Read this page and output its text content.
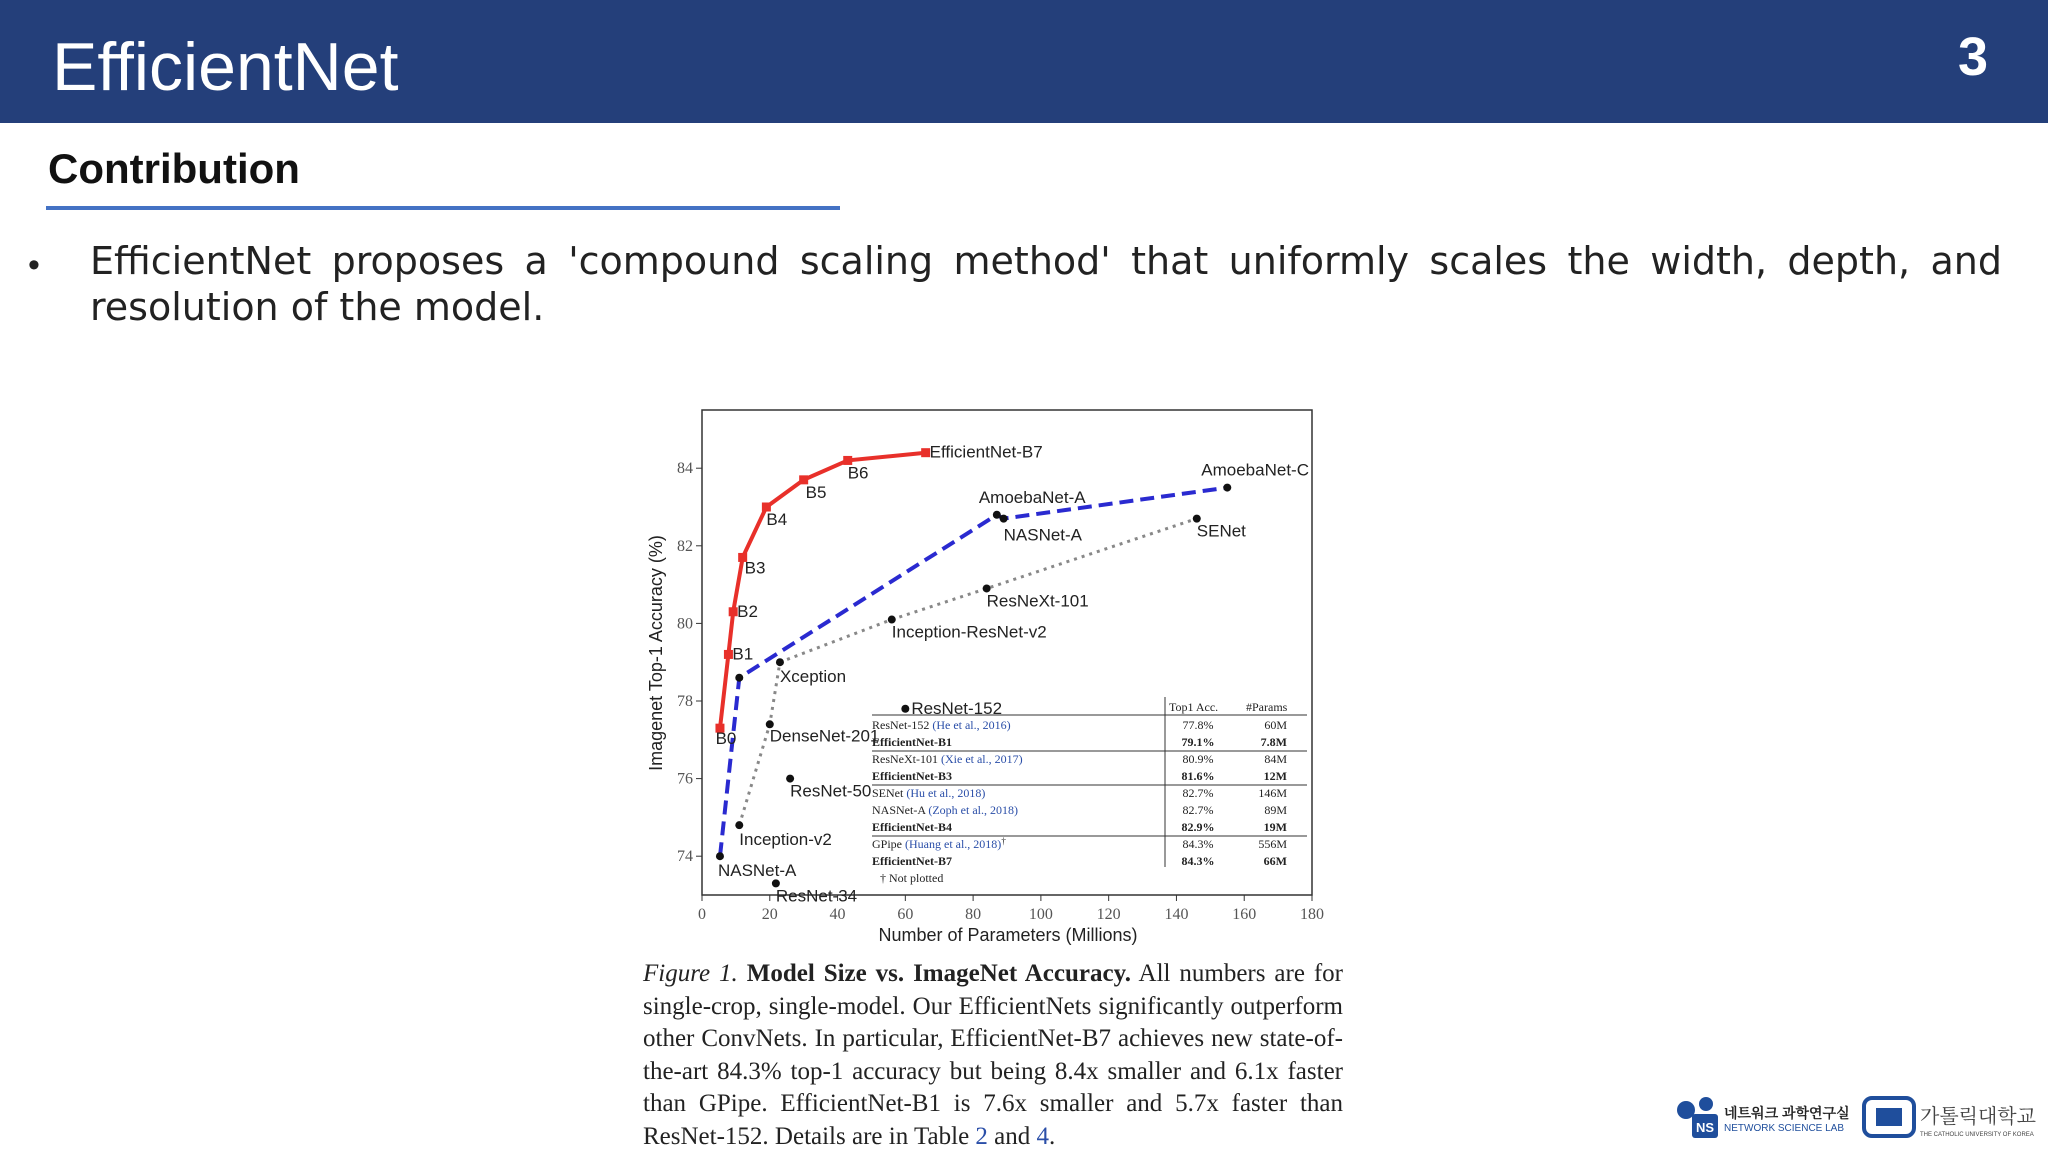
EfficientNet	3
Contribution
• EfficientNet proposes a 'compound scaling method' that uniformly scales the width, depth, and resolution of the model.
0	20	40	60	80	100	120	140	160	180
74
76
78
80
82
84
B0
B1
B2
B3
B4
B5
B6
EfficientNet-B7
NASNet-A
AmoebaNet-A
NASNet-A
AmoebaNet-C
Inception-v2
DenseNet-201
Xception
Inception-ResNet-v2
ResNeXt-101
SENet
ResNet-152
ResNet-50
ResNet-34
Number of Parameters (Millions)
Imagenet Top-1 Accuracy (%)	Top1 Acc. #Params
ResNet-152 (He et al., 2016)	77.8%	60M
EfficientNet-B1	79.1%	7.8M
ResNeXt-101 (Xie et al., 2017)	80.9%	84M
EfficientNet-B3	81.6%	12M
SENet (Hu et al., 2018)	82.7%	146M
NASNet-A (Zoph et al., 2018)	82.7%	89M
EfficientNet-B4	82.9%	19M
GPipe (Huang et al., 2018)†	84.3%	556M
EfficientNet-B7	84.3%	66M
† Not plotted
Figure 1. Model Size vs. ImageNet Accuracy. All numbers are for single-crop, single-model. Our EfficientNets significantly outperform other ConvNets. In particular, EfficientNet-B7 achieves new state-of-the-art 84.3% top-1 accuracy but being 8.4x smaller and 6.1x faster than GPipe. EfficientNet-B1 is 7.6x smaller and 5.7x faster than ResNet-152. Details are in Table 2 and 4.	NS
네트워크 과학연구실
NETWORK SCIENCE LAB
가톨릭대학교
THE CATHOLIC UNIVERSITY OF KOREA
